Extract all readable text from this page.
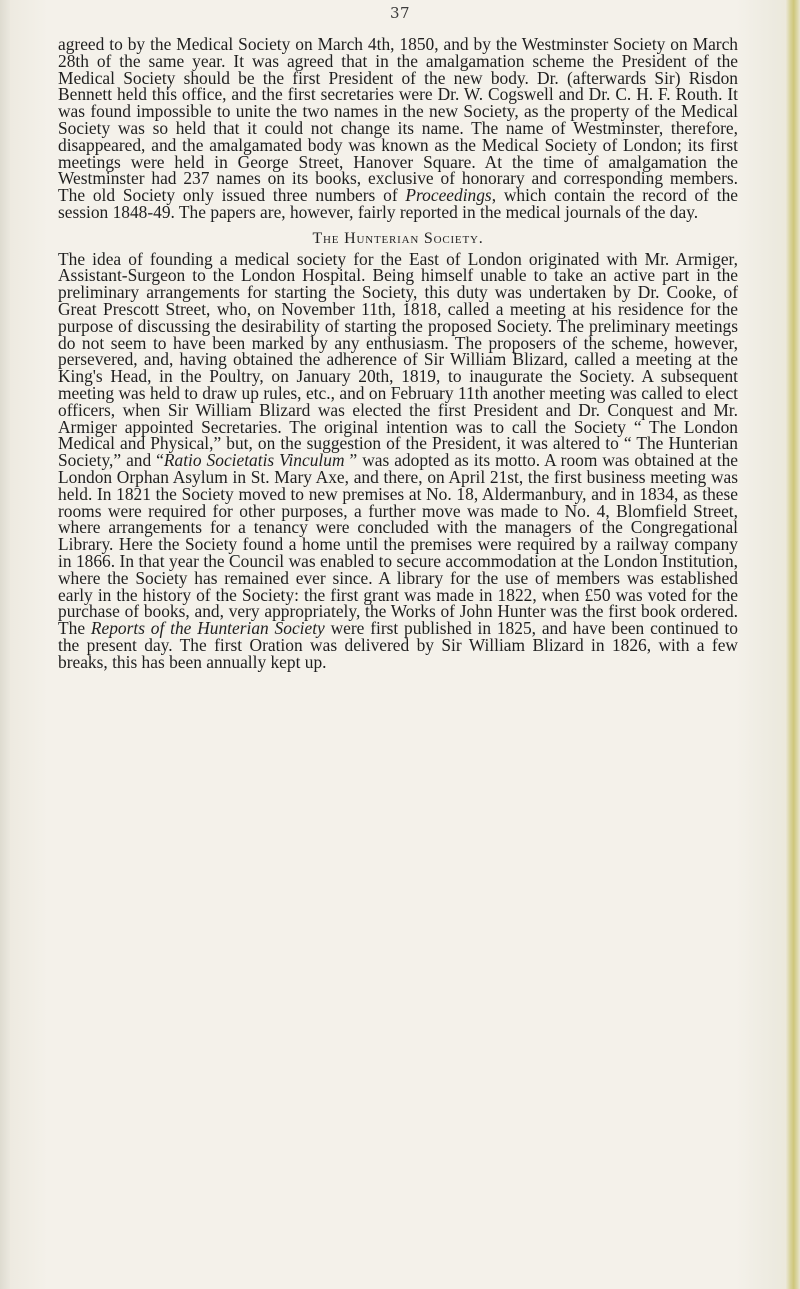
37

agreed to by the Medical Society on March 4th, 1850, and by the Westminster Society on March 28th of the same year. It was agreed that in the amalgamation scheme the President of the Medical Society should be the first President of the new body. Dr. (afterwards Sir) Risdon Bennett held this office, and the first secretaries were Dr. W. Cogswell and Dr. C. H. F. Routh. It was found impossible to unite the two names in the new Society, as the property of the Medical Society was so held that it could not change its name. The name of Westminster, therefore, disappeared, and the amalgamated body was known as the Medical Society of London; its first meetings were held in George Street, Hanover Square. At the time of amalgamation the Westminster had 237 names on its books, exclusive of honorary and corresponding members. The old Society only issued three numbers of Proceedings, which contain the record of the session 1848-49. The papers are, however, fairly reported in the medical journals of the day.

The Hunterian Society.

The idea of founding a medical society for the East of London originated with Mr. Armiger, Assistant-Surgeon to the London Hospital. Being himself unable to take an active part in the preliminary arrangements for starting the Society, this duty was undertaken by Dr. Cooke, of Great Prescott Street, who, on November 11th, 1818, called a meeting at his residence for the purpose of discussing the desirability of starting the proposed Society. The preliminary meetings do not seem to have been marked by any enthusiasm. The proposers of the scheme, however, persevered, and, having obtained the adherence of Sir William Blizard, called a meeting at the King's Head, in the Poultry, on January 20th, 1819, to inaugurate the Society. A subsequent meeting was held to draw up rules, etc., and on February 11th another meeting was called to elect officers, when Sir William Blizard was elected the first President and Dr. Conquest and Mr. Armiger appointed Secretaries. The original intention was to call the Society “ The London Medical and Physical,” but, on the suggestion of the President, it was altered to “ The Hunterian Society,” and “Ratio Societatis Vinculum ” was adopted as its motto. A room was obtained at the London Orphan Asylum in St. Mary Axe, and there, on April 21st, the first business meeting was held. In 1821 the Society moved to new premises at No. 18, Aldermanbury, and in 1834, as these rooms were required for other purposes, a further move was made to No. 4, Blomfield Street, where arrangements for a tenancy were concluded with the managers of the Congregational Library. Here the Society found a home until the premises were required by a railway company in 1866. In that year the Council was enabled to secure accommodation at the London Institution, where the Society has remained ever since. A library for the use of members was established early in the history of the Society: the first grant was made in 1822, when £50 was voted for the purchase of books, and, very appropriately, the Works of John Hunter was the first book ordered. The Reports of the Hunterian Society were first published in 1825, and have been continued to the present day. The first Oration was delivered by Sir William Blizard in 1826, with a few breaks, this has been annually kept up.
